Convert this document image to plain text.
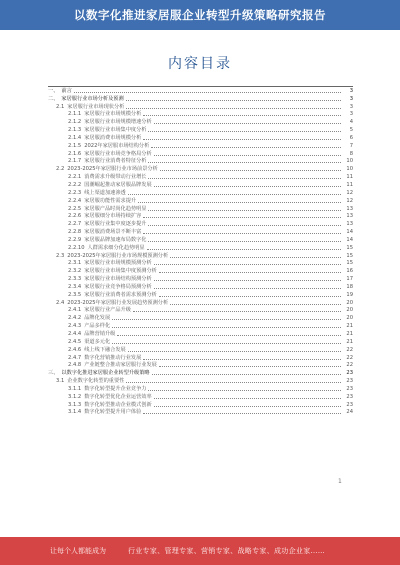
以数字化推进家居服企业转型升级策略研究报告
内容目录
一、 前言	3
二、 家居服行业市场分析及预测	3
2.1 家居服行业市场现状分析	3
2.1.1 家居服行业市场规模分析	3
2.1.2 家居服行业市场规模增速分析	4
2.1.3 家居服行业市场集中度分析	5
2.1.4 家居服消费市场规模分析	6
2.1.5 2022年家居服市场结构分析	7
2.1.6 家居服行业市场竞争格局分析	8
2.1.7 家居服行业消费者特征分析	10
2.2 2023-2025年家居服行业市场前景分析	10
2.2.1 消费需求升级带动行业增长	11
2.2.2 国潮崛起推动家居服品牌发展	11
2.2.3 线上渠道加速渗透	12
2.2.4 家居服功能性需求提升	12
2.2.5 家居服产品时尚化趋势明显	13
2.2.6 家居服细分市场持续扩容	13
2.2.7 家居服行业集中度逐步提升	13
2.2.8 家居服消费场景不断丰富	14
2.2.9 家居服品牌加速布局数字化	14
2.2.10 人群需求细分化趋势明显	15
2.3 2023-2025年家居服行业市场规模预测分析	15
2.3.1 家居服行业市场规模预测分析	15
2.3.2 家居服行业市场集中度预测分析	16
2.3.3 家居服行业市场结构预测分析	17
2.3.4 家居服行业竞争格局预测分析	18
2.3.5 家居服行业消费者需求预测分析	19
2.4 2023-2025年家居服行业发展趋势预测分析	20
2.4.1 家居服行业产品升级	20
2.4.2 品牌化发展	20
2.4.3 产品多样化	21
2.4.4 品牌营销升级	21
2.4.5 渠道多元化	21
2.4.6 线上线下融合发展	22
2.4.7 数字化营销推动行业发展	22
2.4.8 产业链整合推动家居服行业发展	22
三、 以数字化推进家居服企业转型升级策略	23
3.1 企业数字化转型的重要性	23
3.1.1 数字化转型提升企业竞争力	23
3.1.2 数字化转型优化企业运营效率	23
3.1.3 数字化转型推动企业模式创新	23
3.1.4 数字化转型提升用户体验	24
1
让每个人都能成为	行业专家、管理专家、营销专家、战略专家、成功企业家……
